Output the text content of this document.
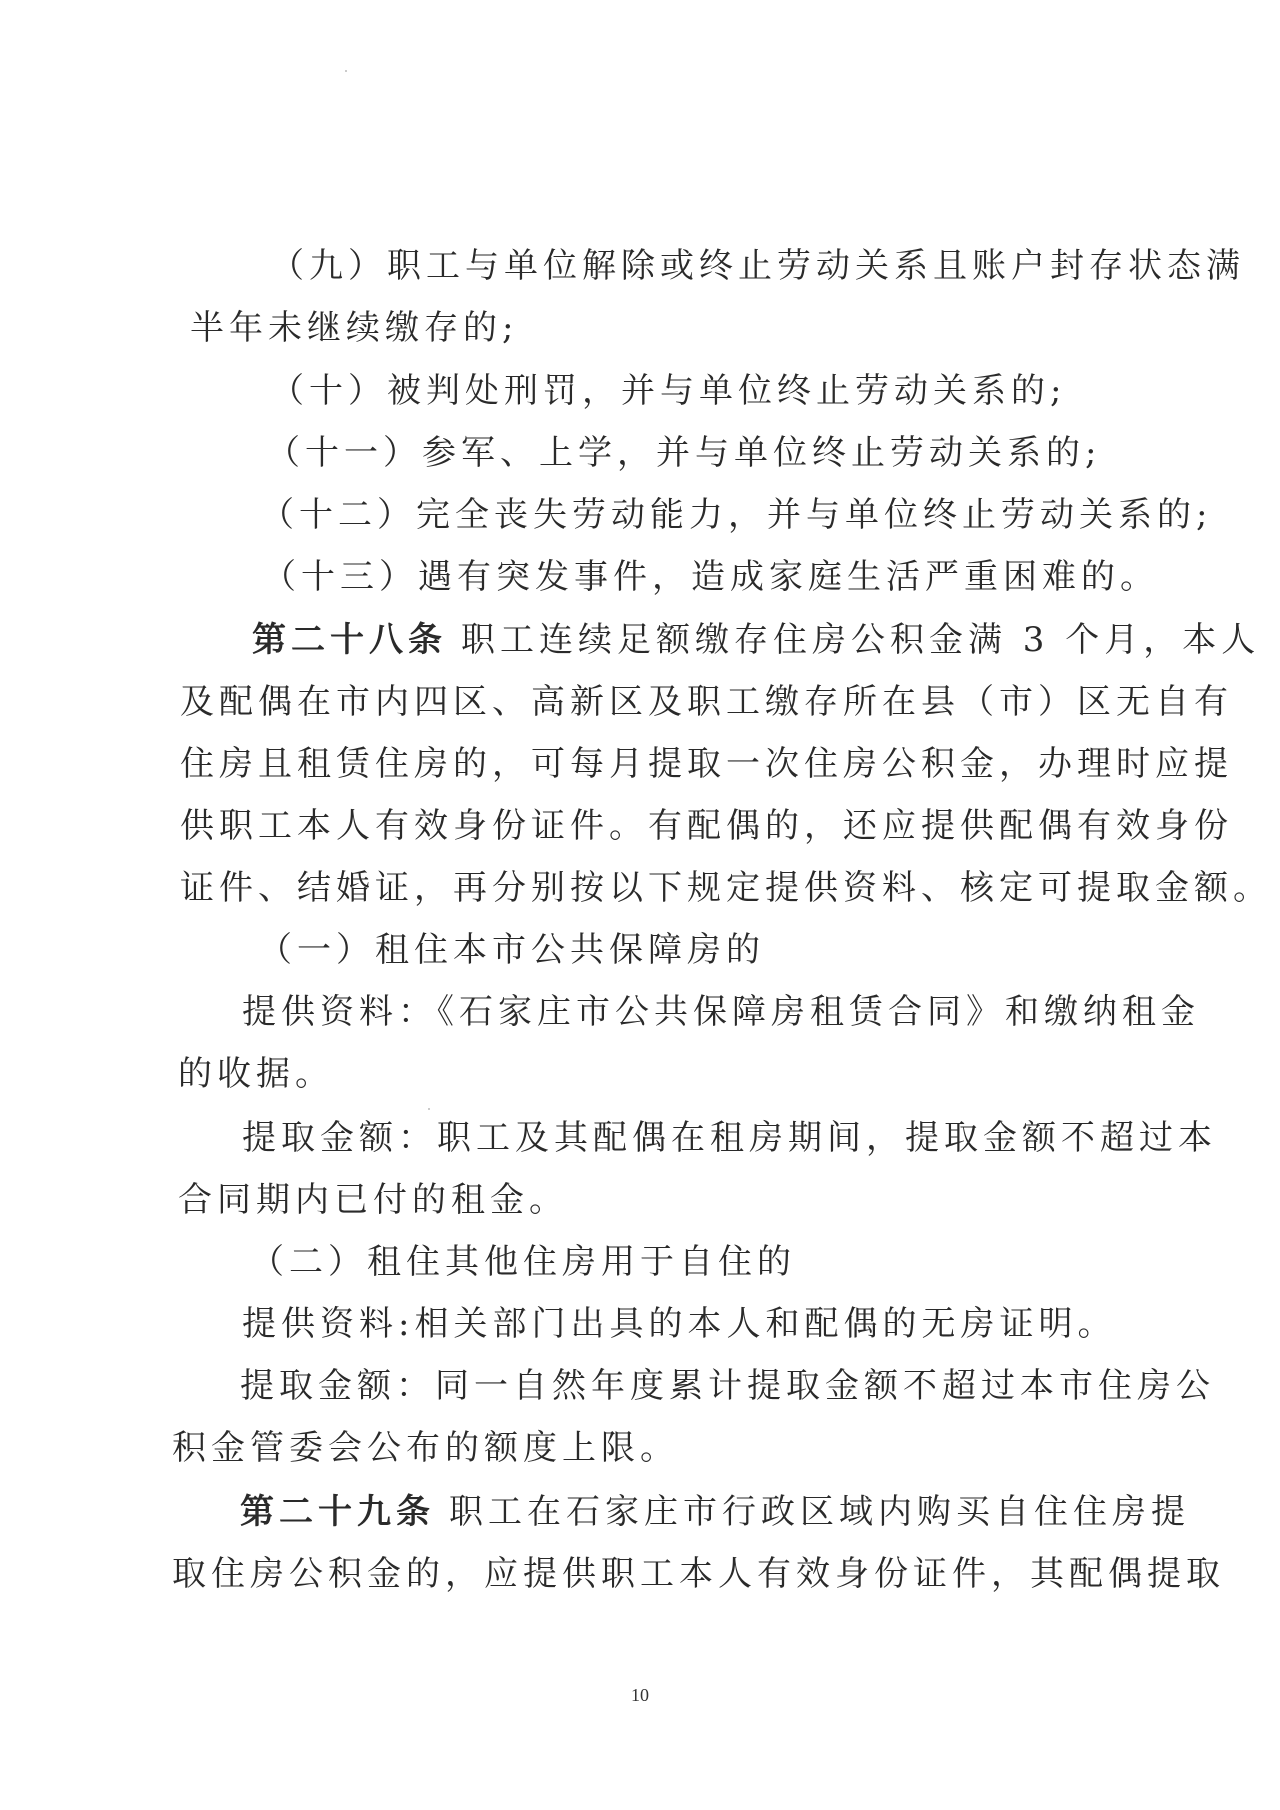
（九）职工与单位解除或终止劳动关系且账户封存状态满
半年未继续缴存的;
（十）被判处刑罚，并与单位终止劳动关系的;
（十一）参军、上学，并与单位终止劳动关系的;
（十二）完全丧失劳动能力，并与单位终止劳动关系的;
（十三）遇有突发事件，造成家庭生活严重困难的。
第二十八条 职工连续足额缴存住房公积金满 3 个月，本人
及配偶在市内四区、高新区及职工缴存所在县（市）区无自有
住房且租赁住房的，可每月提取一次住房公积金，办理时应提
供职工本人有效身份证件。有配偶的，还应提供配偶有效身份
证件、结婚证，再分别按以下规定提供资料、核定可提取金额。
（一）租住本市公共保障房的
提供资料：《石家庄市公共保障房租赁合同》和缴纳租金
的收据。
提取金额：职工及其配偶在租房期间，提取金额不超过本
合同期内已付的租金。
（二）租住其他住房用于自住的
提供资料:相关部门出具的本人和配偶的无房证明。
提取金额：同一自然年度累计提取金额不超过本市住房公
积金管委会公布的额度上限。
第二十九条 职工在石家庄市行政区域内购买自住住房提
取住房公积金的，应提供职工本人有效身份证件，其配偶提取
10
